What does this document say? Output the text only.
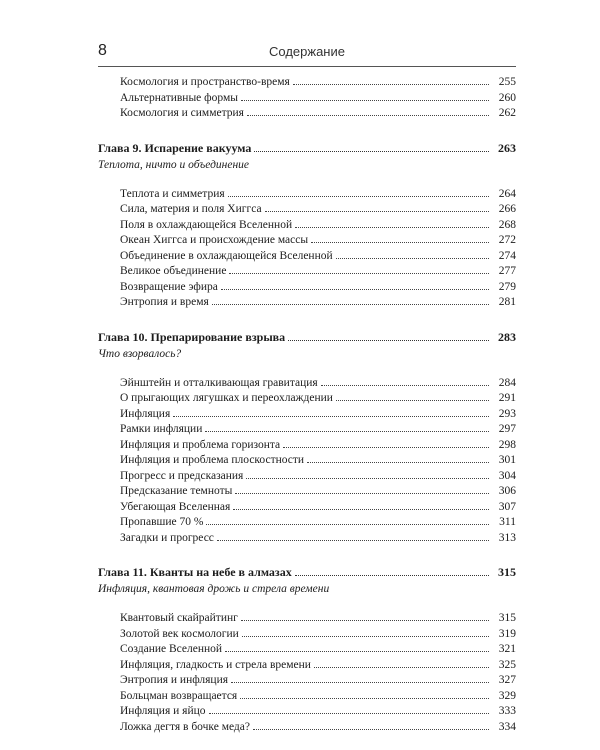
8	Содержание
Космология и пространство-время	255
Альтернативные формы	260
Космология и симметрия	262
Глава 9. Испарение вакуума	263
Теплота, ничто и объединение
Теплота и симметрия	264
Сила, материя и поля Хиггса	266
Поля в охлаждающейся Вселенной	268
Океан Хиггса и происхождение массы	272
Объединение в охлаждающейся Вселенной	274
Великое объединение	277
Возвращение эфира	279
Энтропия и время	281
Глава 10. Препарирование взрыва	283
Что взорвалось?
Эйнштейн и отталкивающая гравитация	284
О прыгающих лягушках и переохлаждении	291
Инфляция	293
Рамки инфляции	297
Инфляция и проблема горизонта	298
Инфляция и проблема плоскостности	301
Прогресс и предсказания	304
Предсказание темноты	306
Убегающая Вселенная	307
Пропавшие 70 %	311
Загадки и прогресс	313
Глава 11. Кванты на небе в алмазах	315
Инфляция, квантовая дрожь и стрела времени
Квантовый скайрайтинг	315
Золотой век космологии	319
Создание Вселенной	321
Инфляция, гладкость и стрела времени	325
Энтропия и инфляция	327
Больцман возвращается	329
Инфляция и яйцо	333
Ложка дегтя в бочке меда?	334
